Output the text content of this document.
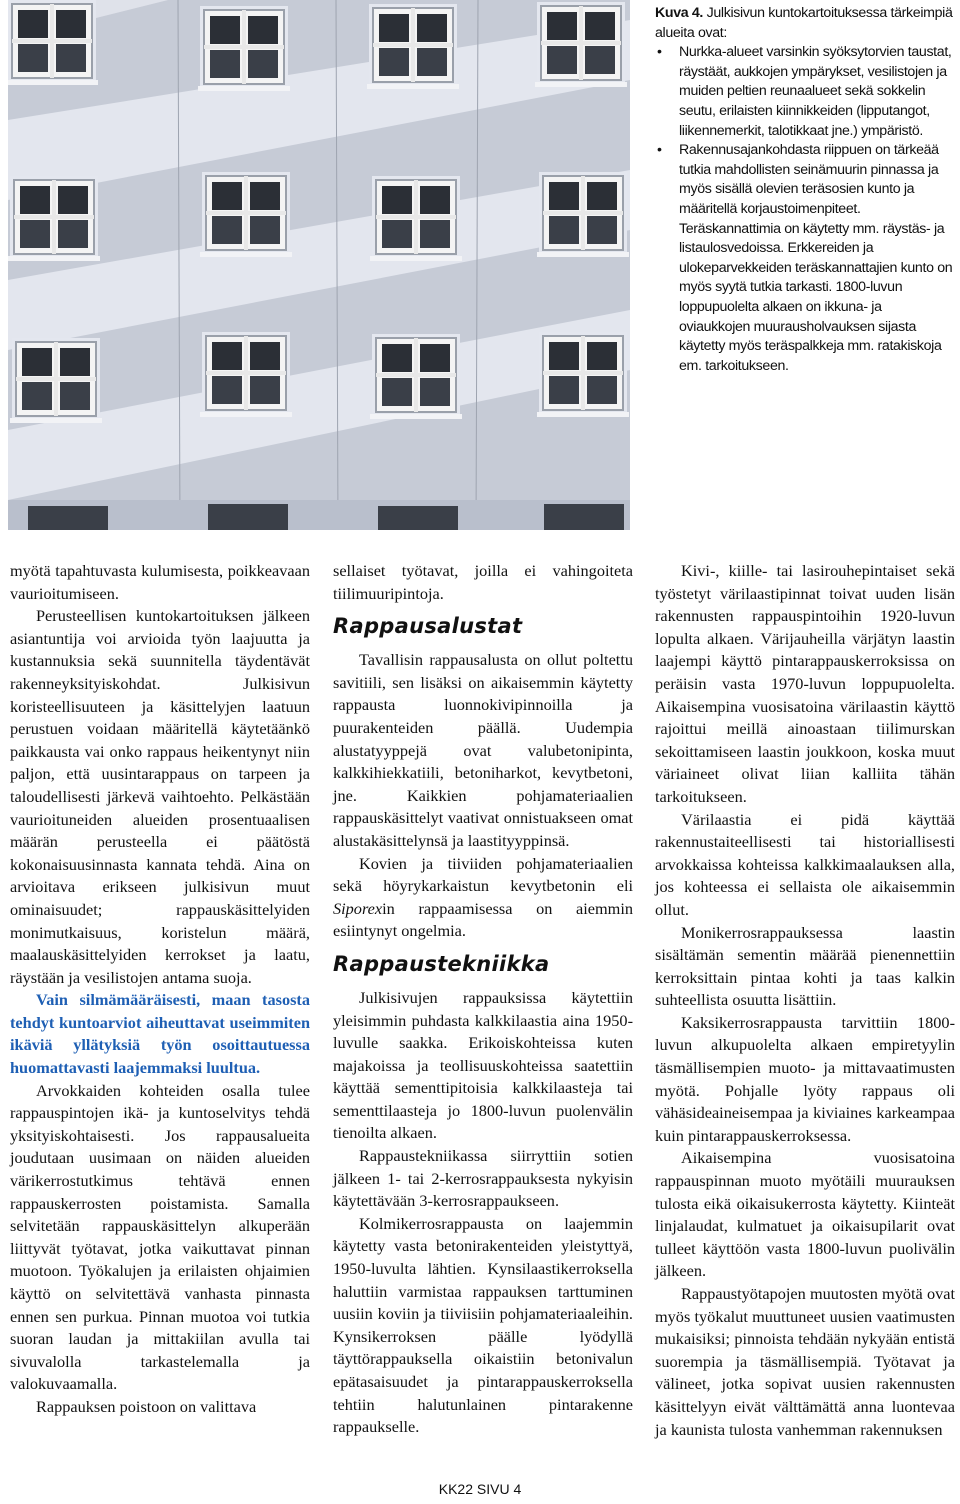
Kuva 4. Julkisivun kuntokartoituksessa tärkeimpiä alueita ovat:

• Nurkka-alueet varsinkin syöksytorvien taustat, räystäät, aukkojen ympärykset, vesilistojen ja muiden peltien reunaalueet sekä sokkelin seutu, erilaisten kiinnikkeiden (lipputangot, liikennemerkit, talotikkaat jne.) ympäristö.
• Rakennusajankohdasta riippuen on tärkeää tutkia mahdollisten seinämuurin pinnassa ja myös sisällä olevien teräsosien kunto ja määritellä korjaustoimenpiteet. Teräskannattimia on käytetty mm. räystäs- ja listaulosvedoissa. Erkkereiden ja ulokeparvekkeiden teräskannattajien kunto on myös syytä tutkia tarkasti. 1800-luvun loppupuolelta alkaen on ikkuna- ja oviaukkojen muurausholvauksen sijasta käytetty myös teräspalkkeja mm. ratakiskoja em. tarkoitukseen.

myötä tapahtuvasta kulumisesta, poikkeavaan vaurioitumiseen.

Perusteellisen kuntokartoituksen jälkeen asiantuntija voi arvioida työn laajuutta ja kustannuksia sekä suunnitella täydentävät rakenneyksityiskohdat. Julkisivun koristeellisuuteen ja käsittelyjen laatuun perustuen voidaan määritellä käytetäänkö paikkausta vai onko rappaus heikentynyt niin paljon, että uusintarappaus on tarpeen ja taloudellisesti järkevä vaihtoehto. Pelkästään vaurioituneiden alueiden prosentuaalisen määrän perusteella ei päätöstä kokonaisuusinnasta kannata tehdä. Aina on arvioitava erikseen julkisivun muut ominaisuudet; rappauskäsittelyiden monimutkaisuus, koristelun määrä, maalauskäsittelyiden kerrokset ja laatu, räystään ja vesilistojen antama suoja.

Vain silmämääräisesti, maan tasosta tehdyt kuntoarviot aiheuttavat useimmiten ikäviä yllätyksiä työn osoittautuessa huomattavasti laajemmaksi luultua.

Arvokkaiden kohteiden osalla tulee rappauspintojen ikä- ja kuntoselvitys tehdä yksityiskohtaisesti. Jos rappausalueita joudutaan uusimaan on näiden alueiden värikerrostutkimus tehtävä ennen rappauskerrosten poistamista. Samalla selvitetään rappauskäsittelyn alkuperään liittyvät työtavat, jotka vaikuttavat pinnan muotoon. Työkalujen ja erilaisten ohjaimien käyttö on selvitettävä vanhasta pinnasta ennen sen purkua. Pinnan muotoa voi tutkia suoran laudan ja mittakiilan avulla tai sivuvalolla tarkastelemalla ja valokuvaamalla.

Rappauksen poistoon on valittava

sellaiset työtavat, joilla ei vahingoiteta tiilimuuripintoja.

Rappausalustat

Tavallisin rappausalusta on ollut poltettu savitiili, sen lisäksi on aikaisemmin käytetty rappausta luonnokivipinnoilla ja puurakenteiden päällä. Uudempia alustatyyppejä ovat valubetonipinta, kalkkihiekkatiili, betoniharkot, kevytbetoni, jne. Kaikkien pohjamateriaalien rappauskäsittelyt vaativat onnistuakseen omat alustakäsittelynsä ja laastityyppinsä.

Kovien ja tiiviiden pohjamateriaalien sekä höyrykarkaistun kevytbetonin eli Siporexin rappaamisessa on aiemmin esiintynyt ongelmia.

Rappaustekniikka

Julkisivujen rappauksissa käytettiin yleisimmin puhdasta kalkkilaastia aina 1950-luvulle saakka. Erikoiskohteissa kuten majakoissa ja teollisuuskohteissa saatettiin käyttää sementtipitoisia kalkkilaasteja tai sementtilaasteja jo 1800-luvun puolenvälin tienoilta alkaen.

Rappaustekniikassa siirryttiin sotien jälkeen 1- tai 2-kerrosrappauksesta nykyisin käytettävään 3-kerrosrappaukseen.

Kolmikerrosrappausta on laajemmin käytetty vasta betonirakenteiden yleistyttyä, 1950-luvulta lähtien. Kynsilaastikerroksella haluttiin varmistaa rappauksen tarttuminen uusiin koviin ja tiiviisiin pohjamateriaaleihin. Kynsikerroksen päälle lyödyllä täyttörappauksella oikaistiin betonivalun epätasaisuudet ja pintarappauskerroksella tehtiin halutunlainen pintarakenne rappaukselle.

Kivi-, kiille- tai lasirouhepintaiset sekä työstetyt värilaastipinnat toivat uuden lisän rakennusten rappauspintoihin 1920-luvun lopulta alkaen. Värijauheilla värjätyn laastin laajempi käyttö pintarappauskerroksissa on peräisin vasta 1970-luvun loppupuolelta. Aikaisempina vuosisatoina värilaastin käyttö rajoittui meillä ainoastaan tiilimurskan sekoittamiseen laastin joukkoon, koska muut väriaineet olivat liian kalliita tähän tarkoitukseen.

Värilaastia ei pidä käyttää rakennustaiteellisesti tai historiallisesti arvokkaissa kohteissa kalkkimaalauksen alla, jos kohteessa ei sellaista ole aikaisemmin ollut.

Monikerrosrappauksessa laastin sisältämän sementin määrää pienennettiin kerroksittain pintaa kohti ja taas kalkin suhteellista osuutta lisättiin.

Kaksikerrosrappausta tarvittiin 1800-luvun alkupuolelta alkaen empiretyylin täsmällisempien muoto- ja mittavaatimusten myötä. Pohjalle lyöty rappaus oli vähäsideaineisempaa ja kiviaines karkeampaa kuin pintarappauskerroksessa.

Aikaisempina vuosisatoina rappauspinnan muoto myötäili muurauksen tulosta eikä oikaisukerrosta käytetty. Kiinteät linjalaudat, kulmatuet ja oikaisupilarit ovat tulleet käyttöön vasta 1800-luvun puolivälin jälkeen.

Rappaustyötapojen muutosten myötä ovat myös työkalut muuttuneet uusien vaatimusten mukaisiksi; pinnoista tehdään nykyään entistä suorempia ja täsmällisempiä. Työtavat ja välineet, jotka sopivat uusien rakennusten käsittelyyn eivät välttämättä anna luontevaa ja kaunista tulosta vanhemman rakennuksen

KK22 SIVU 4
